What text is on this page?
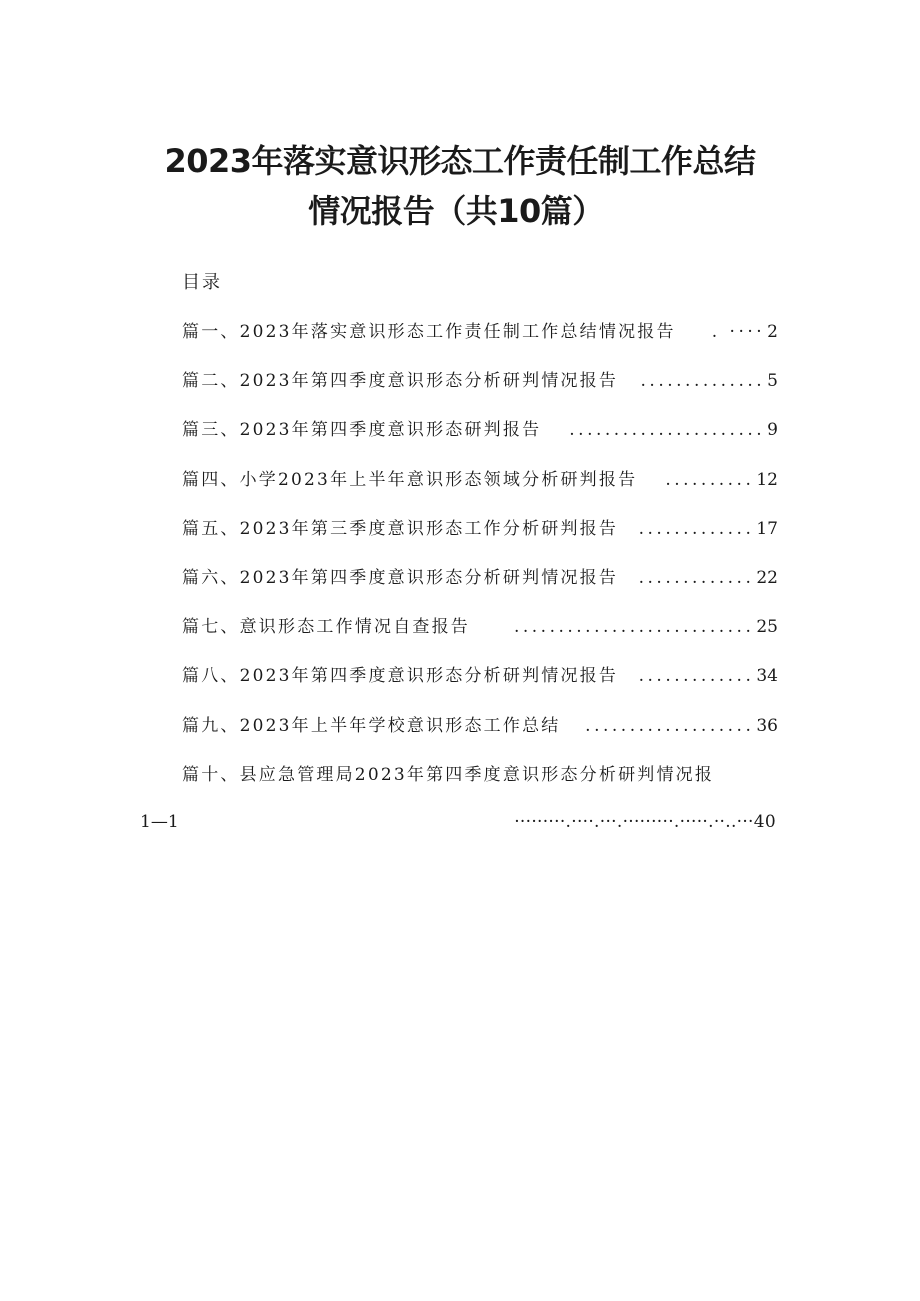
2023年落实意识形态工作责任制工作总结
情况报告（共10篇）
目录
篇一、2023年落实意识形态工作责任制工作总结情况报告	. ···· 2
篇二、2023年第四季度意识形态分析研判情况报告	.............. 5
篇三、2023年第四季度意识形态研判报告	...................... 9
篇四、小学2023年上半年意识形态领域分析研判报告	.......... 12
篇五、2023年第三季度意识形态工作分析研判报告	............. 17
篇六、2023年第四季度意识形态分析研判情况报告	............. 22
篇七、意识形态工作情况自查报告	........................... 25
篇八、2023年第四季度意识形态分析研判情况报告	............. 34
篇九、2023年上半年学校意识形态工作总结	................... 36
篇十、县应急管理局2023年第四季度意识形态分析研判情况报
1—1	·········.····.···.·········.·····.··..···40
